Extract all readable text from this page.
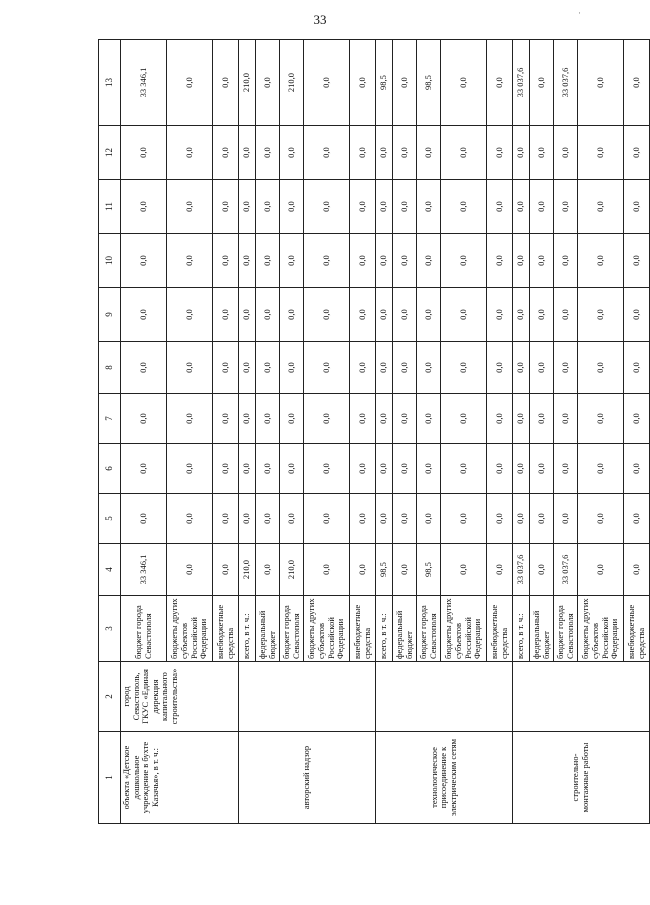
33	·
1	2	3	4	5	6	7	8	9	10	11	12	13
объекта «Детское дошкольное учреждение в бухте Казачья», в т. ч.:	город Севастополь, ГКУС «Единая дирекция капитального строительства»	бюджет города Севастополя	33 346,1	0,0	0,0	0,0	0,0	0,0	0,0	0,0	0,0	33 346,1
		бюджеты других субъектов Российской Федерации	0,0	0,0	0,0	0,0	0,0	0,0	0,0	0,0	0,0	0,0
		внебюджетные средства	0,0	0,0	0,0	0,0	0,0	0,0	0,0	0,0	0,0	0,0
авторский надзор		всего, в т. ч.:	210,0	0,0	0,0	0,0	0,0	0,0	0,0	0,0	0,0	210,0
		федеральный бюджет	0,0	0,0	0,0	0,0	0,0	0,0	0,0	0,0	0,0	0,0
		бюджет города Севастополя	210,0	0,0	0,0	0,0	0,0	0,0	0,0	0,0	0,0	210,0
		бюджеты других субъектов Российской Федерации	0,0	0,0	0,0	0,0	0,0	0,0	0,0	0,0	0,0	0,0
		внебюджетные средства	0,0	0,0	0,0	0,0	0,0	0,0	0,0	0,0	0,0	0,0
технологическое присоединение к электрическим сетям		всего, в т. ч.:	98,5	0,0	0,0	0,0	0,0	0,0	0,0	0,0	0,0	98,5
		федеральный бюджет	0,0	0,0	0,0	0,0	0,0	0,0	0,0	0,0	0,0	0,0
		бюджет города Севастополя	98,5	0,0	0,0	0,0	0,0	0,0	0,0	0,0	0,0	98,5
		бюджеты других субъектов Российской Федерации	0,0	0,0	0,0	0,0	0,0	0,0	0,0	0,0	0,0	0,0
		внебюджетные средства	0,0	0,0	0,0	0,0	0,0	0,0	0,0	0,0	0,0	0,0
строительно-монтажные работы		всего, в т. ч.:	33 037,6	0,0	0,0	0,0	0,0	0,0	0,0	0,0	0,0	33 037,6
		федеральный бюджет	0,0	0,0	0,0	0,0	0,0	0,0	0,0	0,0	0,0	0,0
		бюджет города Севастополя	33 037,6	0,0	0,0	0,0	0,0	0,0	0,0	0,0	0,0	33 037,6
		бюджеты других субъектов Российской Федерации	0,0	0,0	0,0	0,0	0,0	0,0	0,0	0,0	0,0	0,0
		внебюджетные средства	0,0	0,0	0,0	0,0	0,0	0,0	0,0	0,0	0,0	0,0
